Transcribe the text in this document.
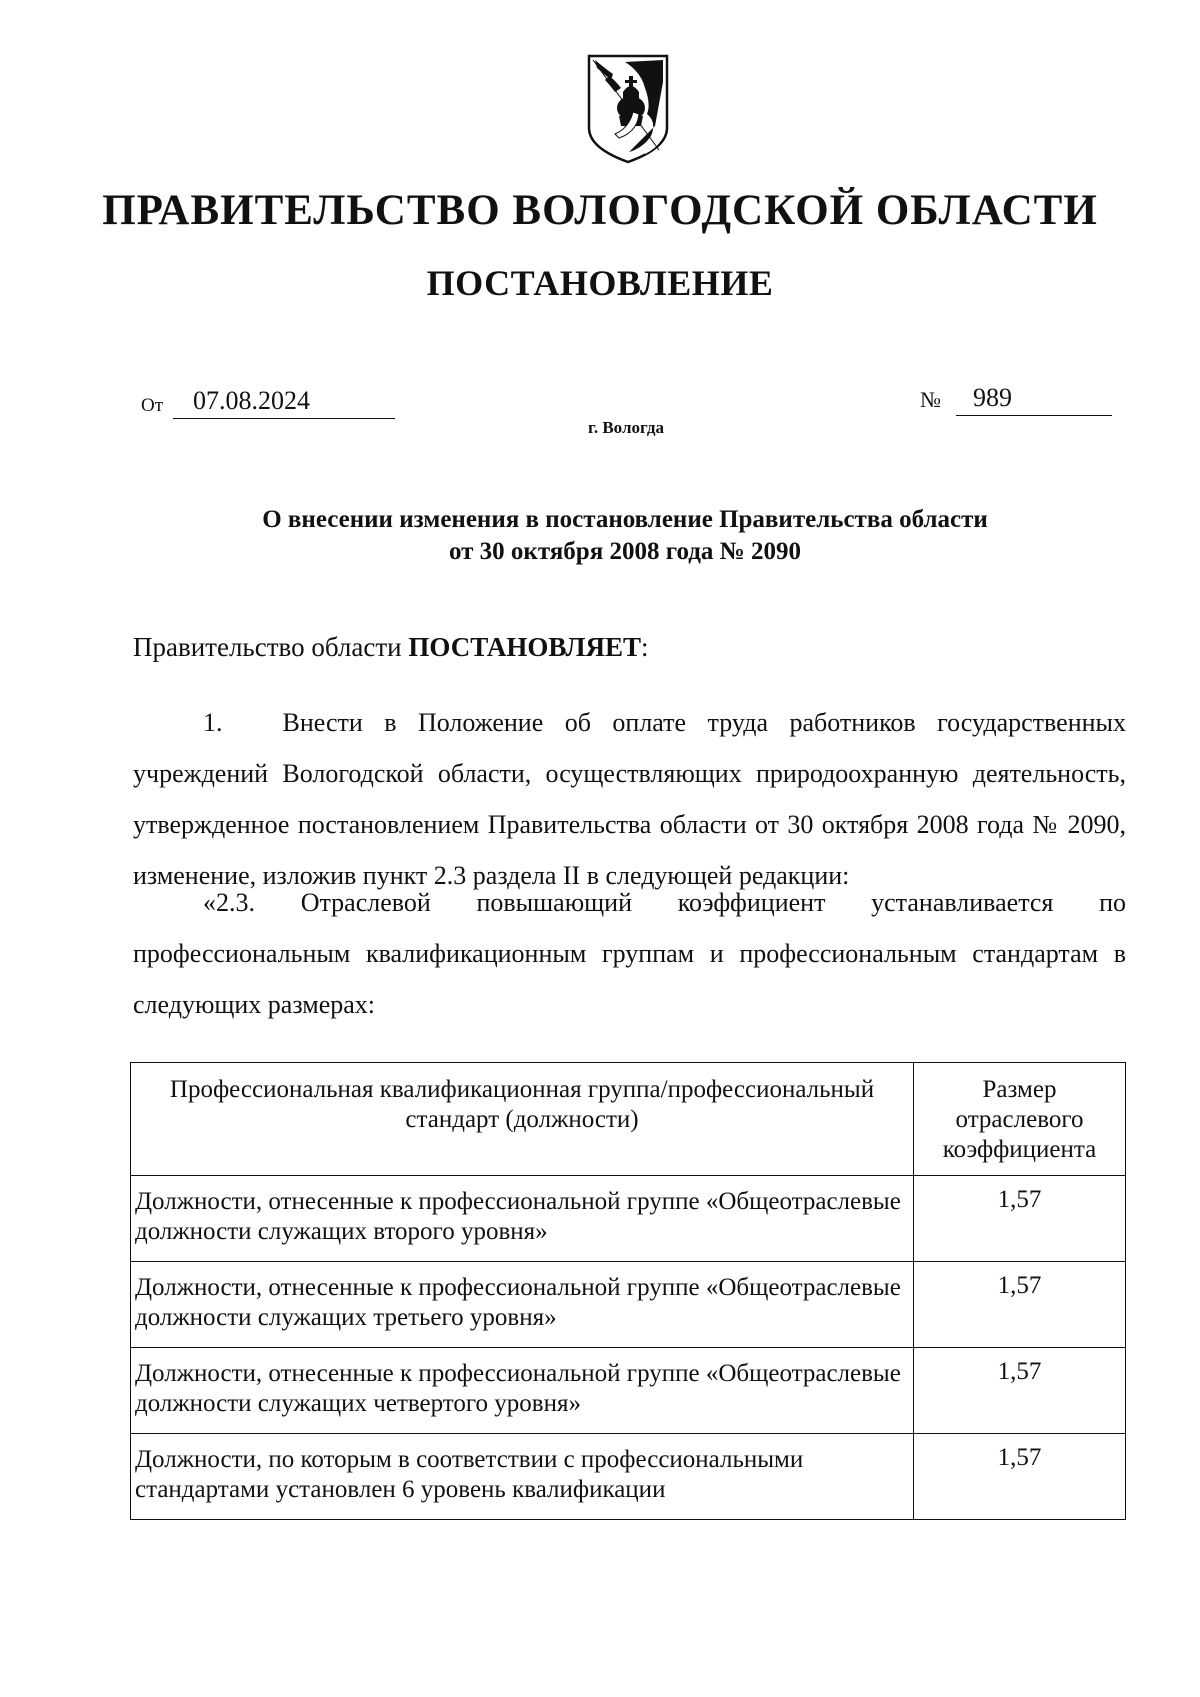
ПРАВИТЕЛЬСТВО ВОЛОГОДСКОЙ ОБЛАСТИ
ПОСТАНОВЛЕНИЕ
От 07.08.2024	№ 989
г. Вологда
О внесении изменения в постановление Правительства области
от 30 октября 2008 года № 2090
Правительство области ПОСТАНОВЛЯЕТ:
1. Внести в Положение об оплате труда работников государственных учреждений Вологодской области, осуществляющих природоохранную деятельность, утвержденное постановлением Правительства области от 30 октября 2008 года № 2090, изменение, изложив пункт 2.3 раздела II в следующей редакции:
«2.3. Отраслевой повышающий коэффициент устанавливается по профессиональным квалификационным группам и профессиональным стандартам в следующих размерах:
Профессиональная квалификационная группа/профессиональный стандарт (должности)	Размер отраслевого коэффициента
Должности, отнесенные к профессиональной группе «Общеотраслевые должности служащих второго уровня»	1,57
Должности, отнесенные к профессиональной группе «Общеотраслевые должности служащих третьего уровня»	1,57
Должности, отнесенные к профессиональной группе «Общеотраслевые должности служащих четвертого уровня»	1,57
Должности, по которым в соответствии с профессиональными стандартами установлен 6 уровень квалификации	1,57
